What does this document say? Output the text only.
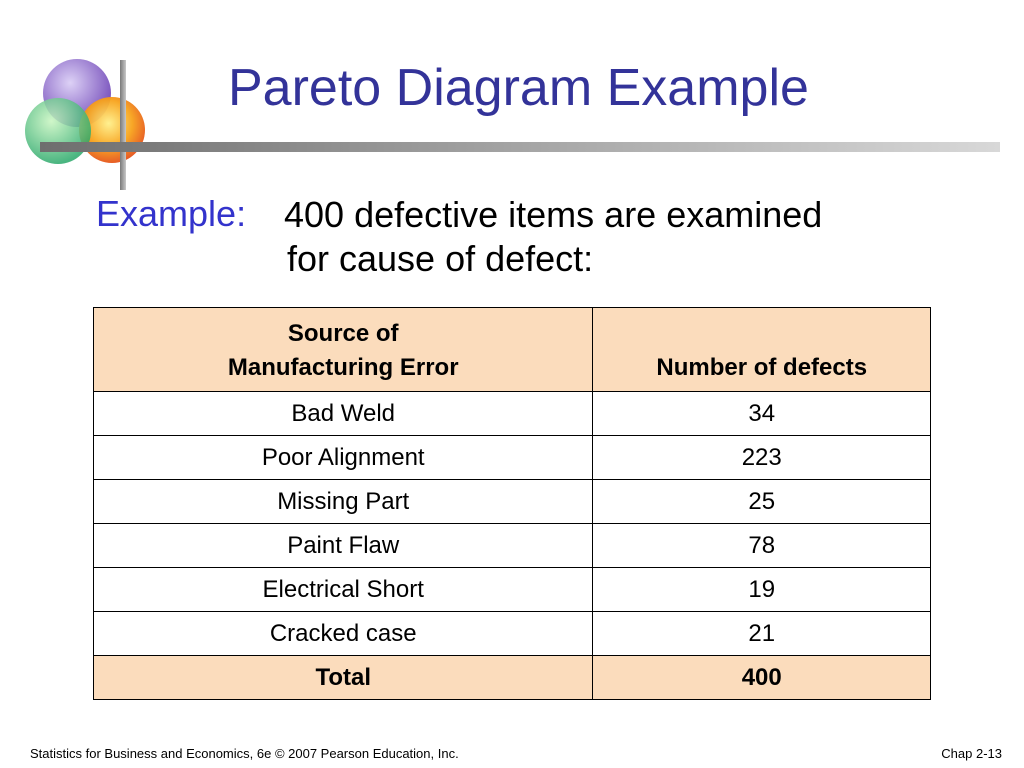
Pareto Diagram Example
Example: 400 defective items are examined
for cause of defect:
Source of
Manufacturing Error	Number of defects
Bad Weld	34
Poor Alignment	223
Missing Part	25
Paint Flaw	78
Electrical Short	19
Cracked case	21
Total	400
Statistics for Business and Economics, 6e © 2007 Pearson Education, Inc.	Chap 2-13
